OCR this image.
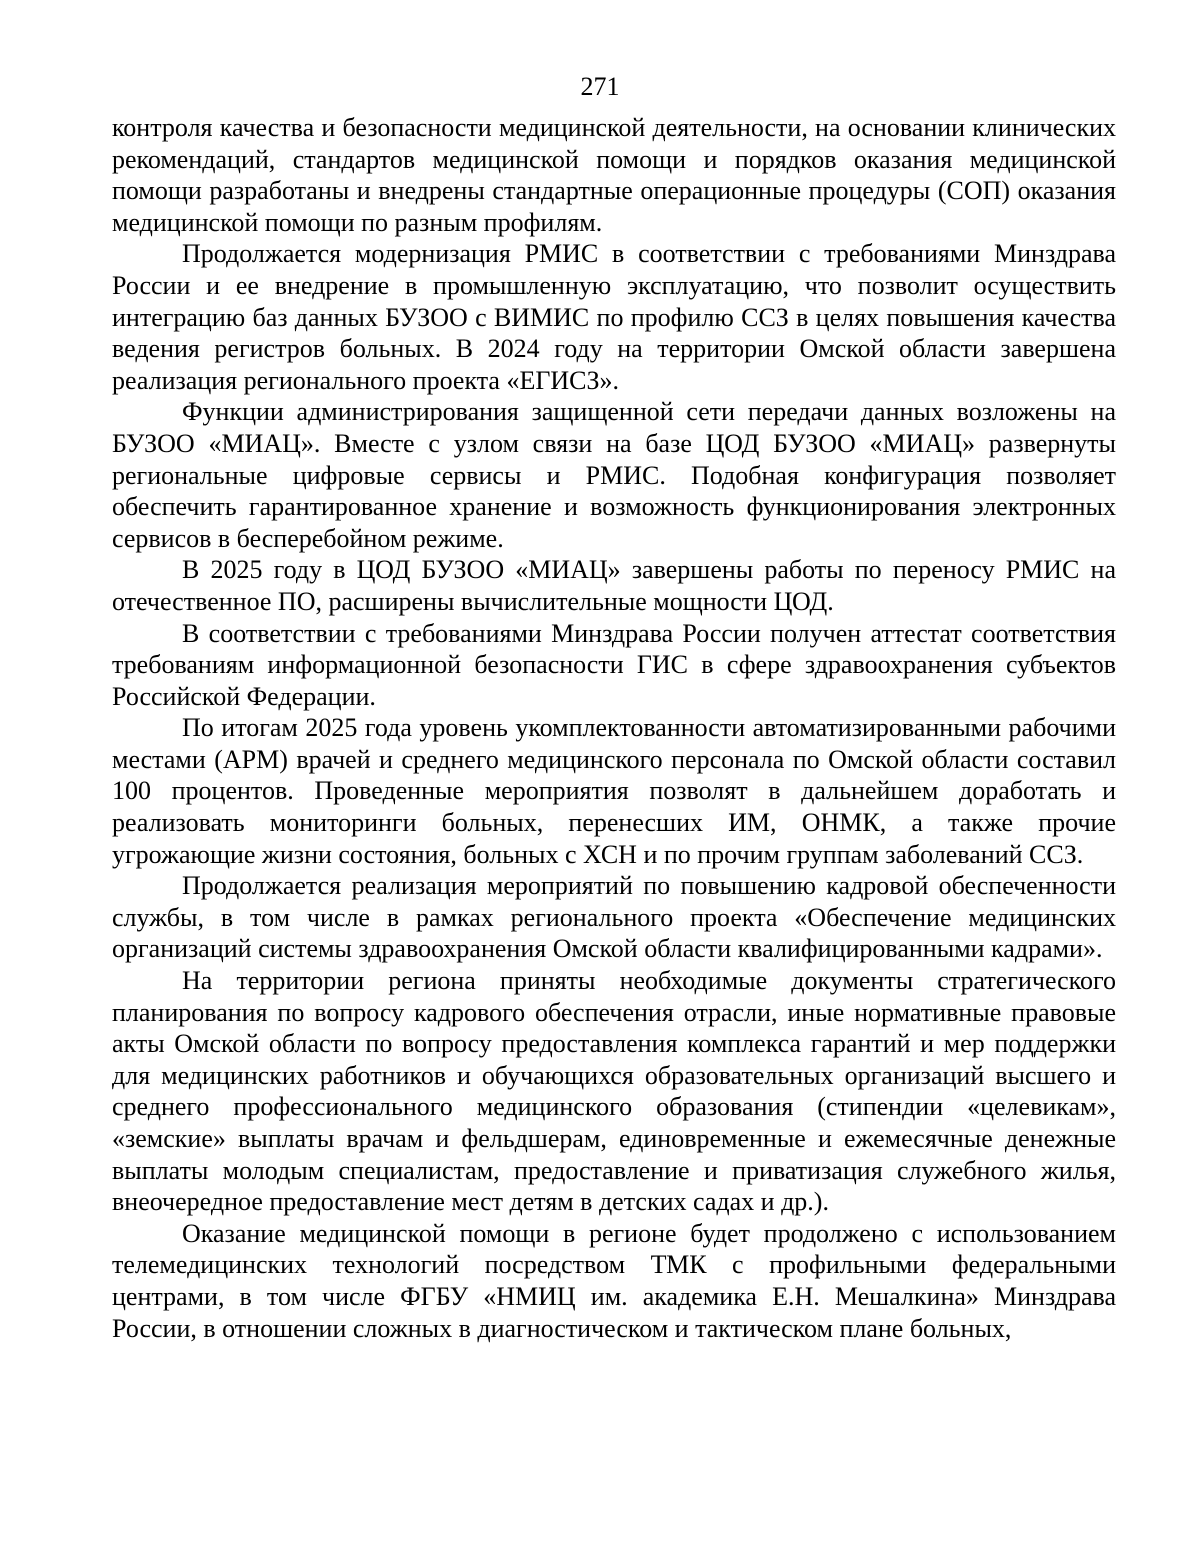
271

контроля качества и безопасности медицинской деятельности, на основании клинических рекомендаций, стандартов медицинской помощи и порядков оказания медицинской помощи разработаны и внедрены стандартные операционные процедуры (СОП) оказания медицинской помощи по разным профилям.

Продолжается модернизация РМИС в соответствии с требованиями Минздрава России и ее внедрение в промышленную эксплуатацию, что позволит осуществить интеграцию баз данных БУЗОО с ВИМИС по профилю ССЗ в целях повышения качества ведения регистров больных. В 2024 году на территории Омской области завершена реализация регионального проекта «ЕГИСЗ».

Функции администрирования защищенной сети передачи данных возложены на БУЗОО «МИАЦ». Вместе с узлом связи на базе ЦОД БУЗОО «МИАЦ» развернуты региональные цифровые сервисы и РМИС. Подобная конфигурация позволяет обеспечить гарантированное хранение и возможность функционирования электронных сервисов в бесперебойном режиме.

В 2025 году в ЦОД БУЗОО «МИАЦ» завершены работы по переносу РМИС на отечественное ПО, расширены вычислительные мощности ЦОД.

В соответствии с требованиями Минздрава России получен аттестат соответствия требованиям информационной безопасности ГИС в сфере здравоохранения субъектов Российской Федерации.

По итогам 2025 года уровень укомплектованности автоматизированными рабочими местами (АРМ) врачей и среднего медицинского персонала по Омской области составил 100 процентов. Проведенные мероприятия позволят в дальнейшем доработать и реализовать мониторинги больных, перенесших ИМ, ОНМК, а также прочие угрожающие жизни состояния, больных с ХСН и по прочим группам заболеваний ССЗ.

Продолжается реализация мероприятий по повышению кадровой обеспеченности службы, в том числе в рамках регионального проекта «Обеспечение медицинских организаций системы здравоохранения Омской области квалифицированными кадрами».

На территории региона приняты необходимые документы стратегического планирования по вопросу кадрового обеспечения отрасли, иные нормативные правовые акты Омской области по вопросу предоставления комплекса гарантий и мер поддержки для медицинских работников и обучающихся образовательных организаций высшего и среднего профессионального медицинского образования (стипендии «целевикам», «земские» выплаты врачам и фельдшерам, единовременные и ежемесячные денежные выплаты молодым специалистам, предоставление и приватизация служебного жилья, внеочередное предоставление мест детям в детских садах и др.).

Оказание медицинской помощи в регионе будет продолжено с использованием телемедицинских технологий посредством ТМК с профильными федеральными центрами, в том числе ФГБУ «НМИЦ им. академика Е.Н. Мешалкина» Минздрава России, в отношении сложных в диагностическом и тактическом плане больных,
